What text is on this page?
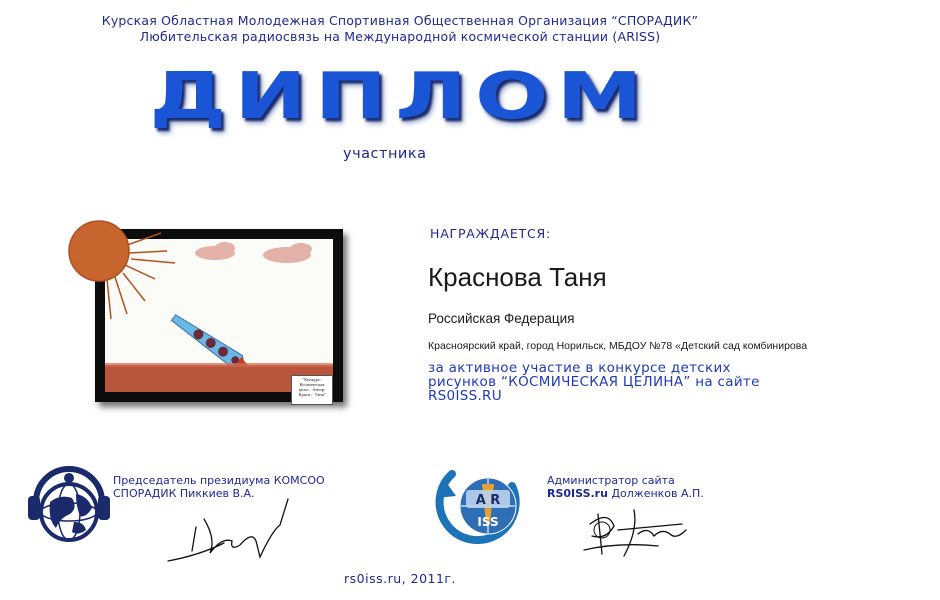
Курская Областная Молодежная Спортивная Общественная Организация “СПОРАДИК”
Любительская радиосвязь на Международной космической станции (ARISS)
ДИПЛОМ
участника
"Конкурс: Космическая цели... Автор: Красн... Таня"
НАГРАЖДАЕТСЯ:
Краснова Таня
Российская Федерация
Красноярский край, город Норильск, МБДОУ №78 «Детский сад комбинирова
за активное участие в конкурсе детских рисунков “КОСМИЧЕСКАЯ ЦЕЛИНА” на сайте RS0ISS.RU
Председатель президиума КОМСОО
СПОРАДИК Пиккиев В.А.	A R
ISS
Администратор сайта
RS0ISS.ru Долженков А.П.
rs0iss.ru, 2011г.
